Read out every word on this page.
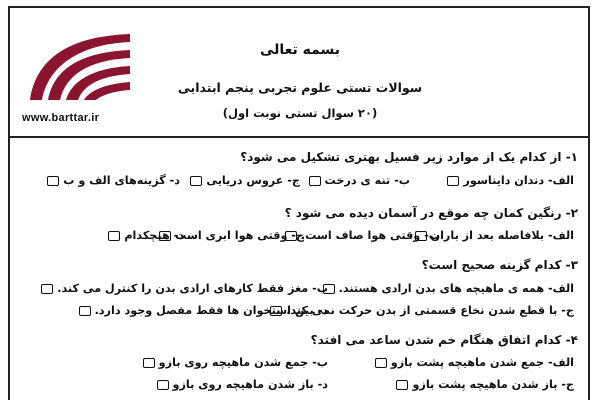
www.barttar.ir
بسمه تعالی
سوالات تستی علوم تجربی پنجم ابتدایی
(۲۰ سوال تستی نوبت اول)
۱- از کدام یک از موارد زیر فسیل بهتری تشکیل می شود؟
الف- دندان دایناسور
ب- تنه ی درخت
ج- عروس دریایی
د- گزینه‌های الف و ب
۲- رنگین کمان چه موقع در آسمان دیده می شود ؟
الف- بلافاصله بعد از باران
ب- وقتی هوا صاف است.
ج- وقتی هوا ابری است
د- هیچکدام
۳- کدام گزینه صحیح است؟
الف- همه ی ماهیچه های بدن ارادی هستند.
ب- مغز فقط کارهای ارادی بدن را کنترل می کند.
ج- با قطع شدن نخاع قسمتی از بدن حرکت نمی کند.
د- بین استخوان ها فقط مفصل وجود دارد.
۴- کدام اتفاق هنگام خم شدن ساعد می افتد؟
الف- جمع شدن ماهیچه پشت بازو
ب- جمع شدن ماهیچه روی بازو
ج- باز شدن ماهیچه پشت بازو
د- باز شدن ماهیچه روی بازو
